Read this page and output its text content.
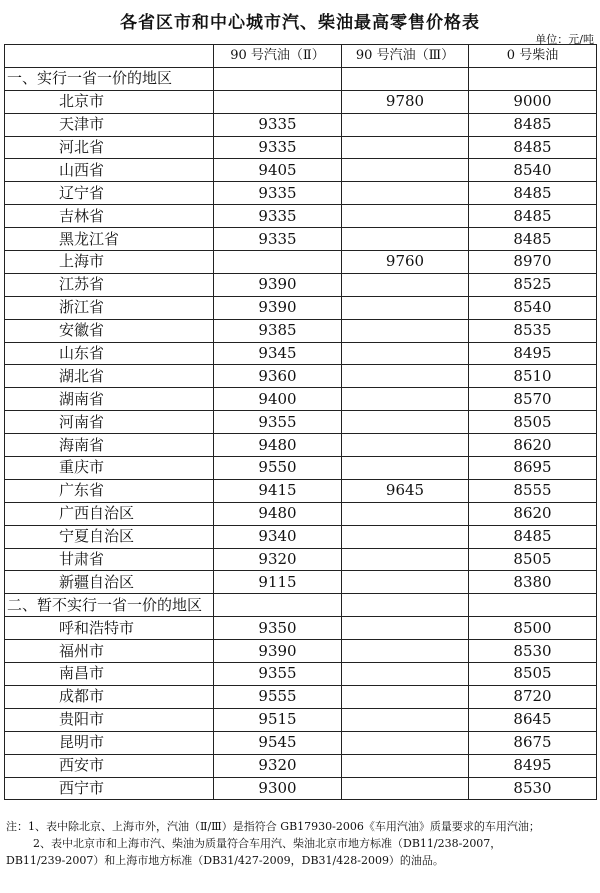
各省区市和中心城市汽、柴油最高零售价格表
单位：元/吨
	90 号汽油（Ⅱ）	90 号汽油（Ⅲ）	0 号柴油
一、实行一省一价的地区			
北京市		9780	9000
天津市	9335		8485
河北省	9335		8485
山西省	9405		8540
辽宁省	9335		8485
吉林省	9335		8485
黑龙江省	9335		8485
上海市		9760	8970
江苏省	9390		8525
浙江省	9390		8540
安徽省	9385		8535
山东省	9345		8495
湖北省	9360		8510
湖南省	9400		8570
河南省	9355		8505
海南省	9480		8620
重庆市	9550		8695
广东省	9415	9645	8555
广西自治区	9480		8620
宁夏自治区	9340		8485
甘肃省	9320		8505
新疆自治区	9115		8380
二、暂不实行一省一价的地区			
呼和浩特市	9350		8500
福州市	9390		8530
南昌市	9355		8505
成都市	9555		8720
贵阳市	9515		8645
昆明市	9545		8675
西安市	9320		8495
西宁市	9300		8530
注：1、表中除北京、上海市外，汽油（Ⅱ/Ⅲ）是指符合 GB17930-2006《车用汽油》质量要求的车用汽油；
2、表中北京市和上海市汽、柴油为质量符合车用汽、柴油北京市地方标准（DB11/238-2007，
DB11/239-2007）和上海市地方标准（DB31/427-2009，DB31/428-2009）的油品。
